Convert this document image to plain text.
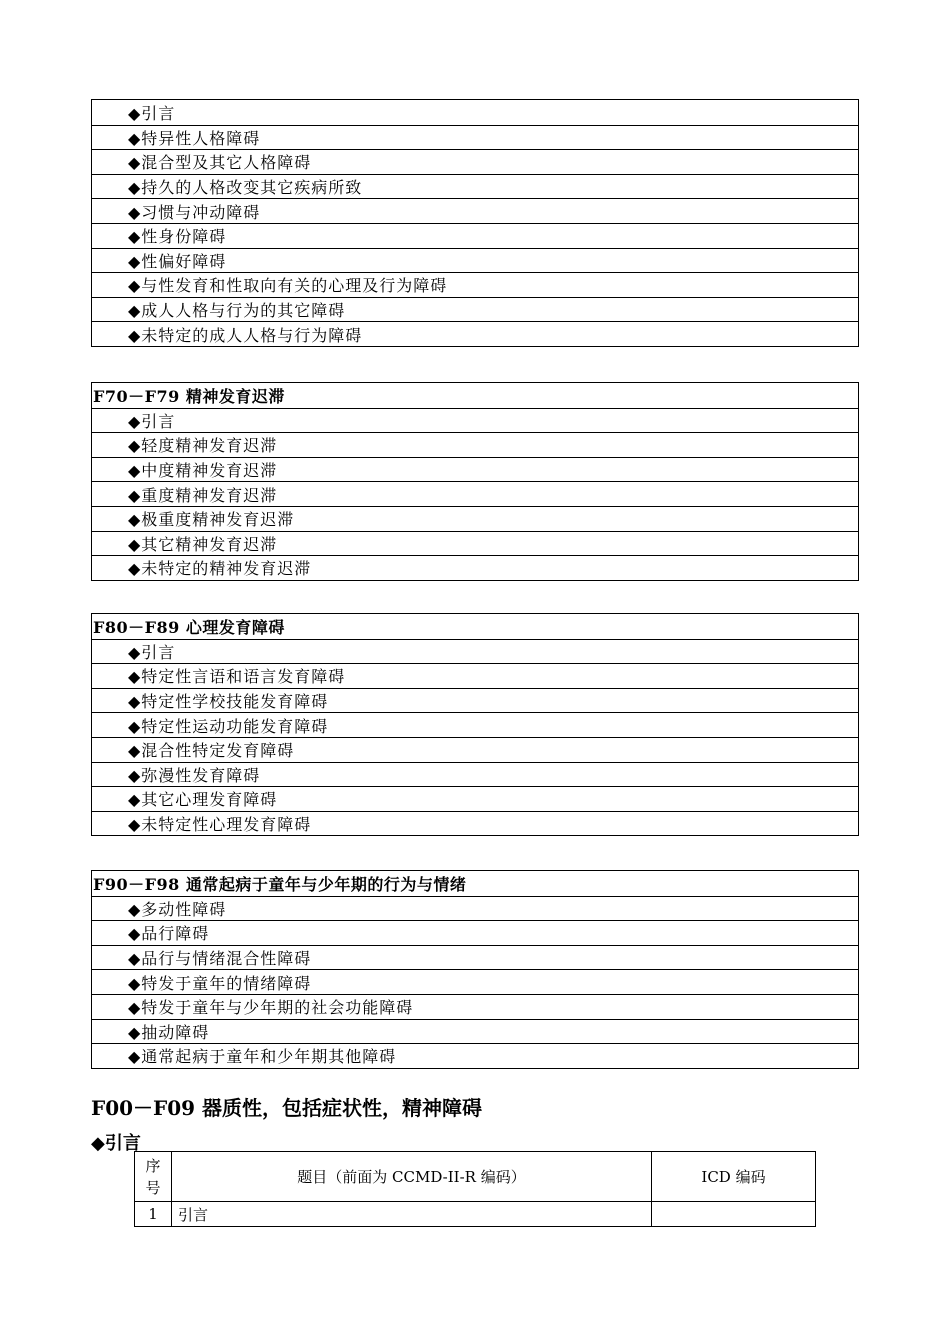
◆引言
◆特异性人格障碍
◆混合型及其它人格障碍
◆持久的人格改变其它疾病所致
◆习惯与冲动障碍
◆性身份障碍
◆性偏好障碍
◆与性发育和性取向有关的心理及行为障碍
◆成人人格与行为的其它障碍
◆未特定的成人人格与行为障碍
F70－F79 精神发育迟滞
◆引言
◆轻度精神发育迟滞
◆中度精神发育迟滞
◆重度精神发育迟滞
◆极重度精神发育迟滞
◆其它精神发育迟滞
◆未特定的精神发育迟滞
F80－F89 心理发育障碍
◆引言
◆特定性言语和语言发育障碍
◆特定性学校技能发育障碍
◆特定性运动功能发育障碍
◆混合性特定发育障碍
◆弥漫性发育障碍
◆其它心理发育障碍
◆未特定性心理发育障碍
F90－F98 通常起病于童年与少年期的行为与情绪
◆多动性障碍
◆品行障碍
◆品行与情绪混合性障碍
◆特发于童年的情绪障碍
◆特发于童年与少年期的社会功能障碍
◆抽动障碍
◆通常起病于童年和少年期其他障碍
F00－F09 器质性，包括症状性，精神障碍
◆引言
序号	题目（前面为 CCMD-II-R 编码）	ICD 编码
1	引言	
